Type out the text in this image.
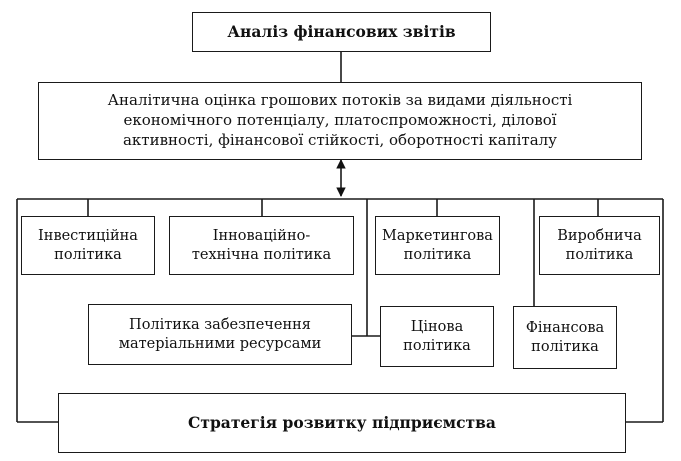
Аналіз фінансових звітів
Аналітична оцінка грошових потоків за видами діяльності
економічного потенціалу, платоспроможності, ділової
активності, фінансової стійкості, оборотності капіталу
Інвестиційна
політика
Інноваційно-
технічна політика
Маркетингова
політика
Виробнича
політика
Політика забезпечення
матеріальними ресурсами
Цінова
політика
Фінансова
політика
Стратегія розвитку підприємства
